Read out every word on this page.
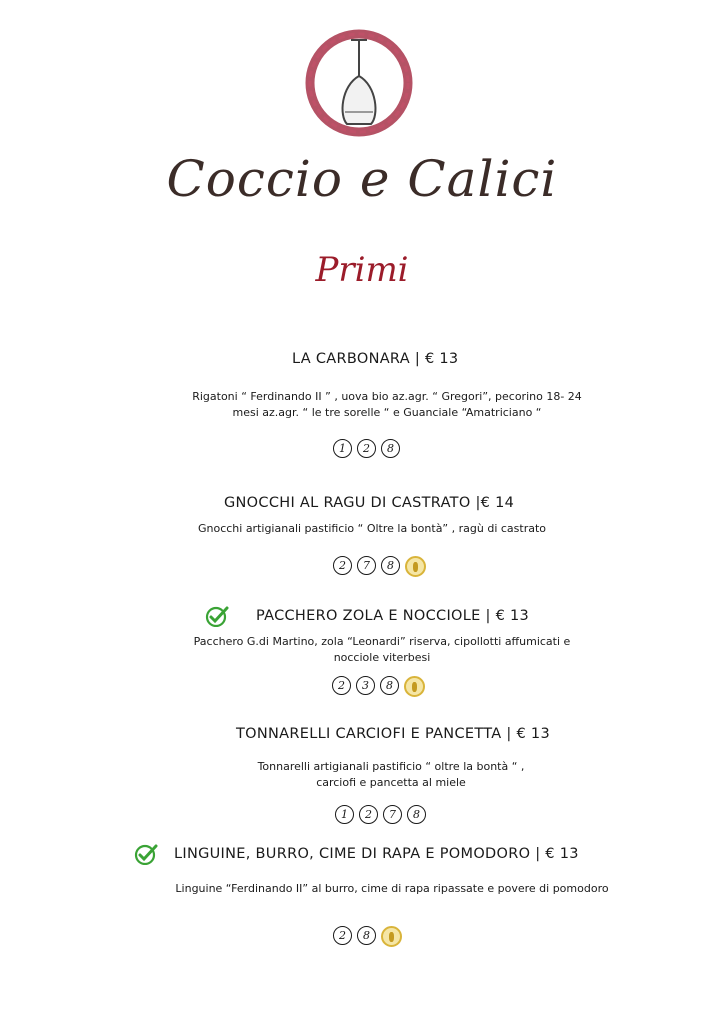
Coccio e Calici
Primi
LA CARBONARA | € 13
Rigatoni “ Ferdinando II ” , uova bio az.agr. “ Gregori”, pecorino 18- 24
mesi az.agr. “ le tre sorelle “ e Guanciale “Amatriciano “
1	2	8
GNOCCHI AL RAGU DI CASTRATO |€ 14
Gnocchi artigianali pastificio “ Oltre la bontà” , ragù di castrato
2	7	8
PACCHERO ZOLA E NOCCIOLE | € 13
Pacchero G.di Martino, zola “Leonardi” riserva, cipollotti affumicati e
nocciole viterbesi
2	3	8
TONNARELLI CARCIOFI E PANCETTA | € 13
Tonnarelli artigianali pastificio “ oltre la bontà “ ,
carciofi e pancetta al miele
1	2	7	8
LINGUINE, BURRO, CIME DI RAPA E POMODORO | € 13
Linguine “Ferdinando II” al burro, cime di rapa ripassate e povere di pomodoro
2	8
